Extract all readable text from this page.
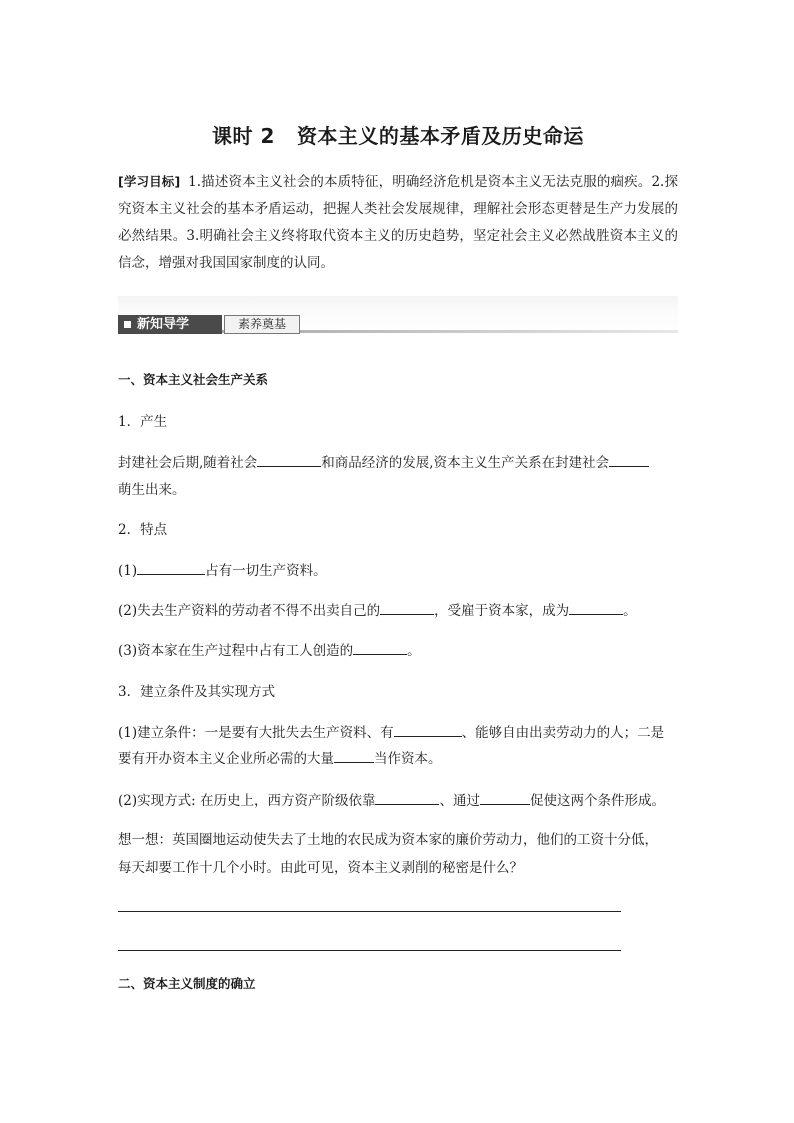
课时 2 资本主义的基本矛盾及历史命运
[学习目标] 1.描述资本主义社会的本质特征，明确经济危机是资本主义无法克服的痼疾。2.探究资本主义社会的基本矛盾运动，把握人类社会发展规律，理解社会形态更替是生产力发展的必然结果。3.明确社会主义终将取代资本主义的历史趋势，坚定社会主义必然战胜资本主义的信念，增强对我国国家制度的认同。
新知导学	素养奠基
一、资本主义社会生产关系
1．产生
封建社会后期,随着社会	和商品经济的发展,资本主义生产关系在封建社会
萌生出来。
2．特点
(1)	占有一切生产资料。
(2)失去生产资料的劳动者不得不出卖自己的	，受雇于资本家，成为	。
(3)资本家在生产过程中占有工人创造的	。
3．建立条件及其实现方式
(1)建立条件：一是要有大批失去生产资料、有	、能够自由出卖劳动力的人；二是
要有开办资本主义企业所必需的大量	当作资本。
(2)实现方式: 在历史上，西方资产阶级依靠	、通过	促使这两个条件形成。
想一想：英国圈地运动使失去了土地的农民成为资本家的廉价劳动力，他们的工资十分低，
每天却要工作十几个小时。由此可见，资本主义剥削的秘密是什么？
二、资本主义制度的确立
